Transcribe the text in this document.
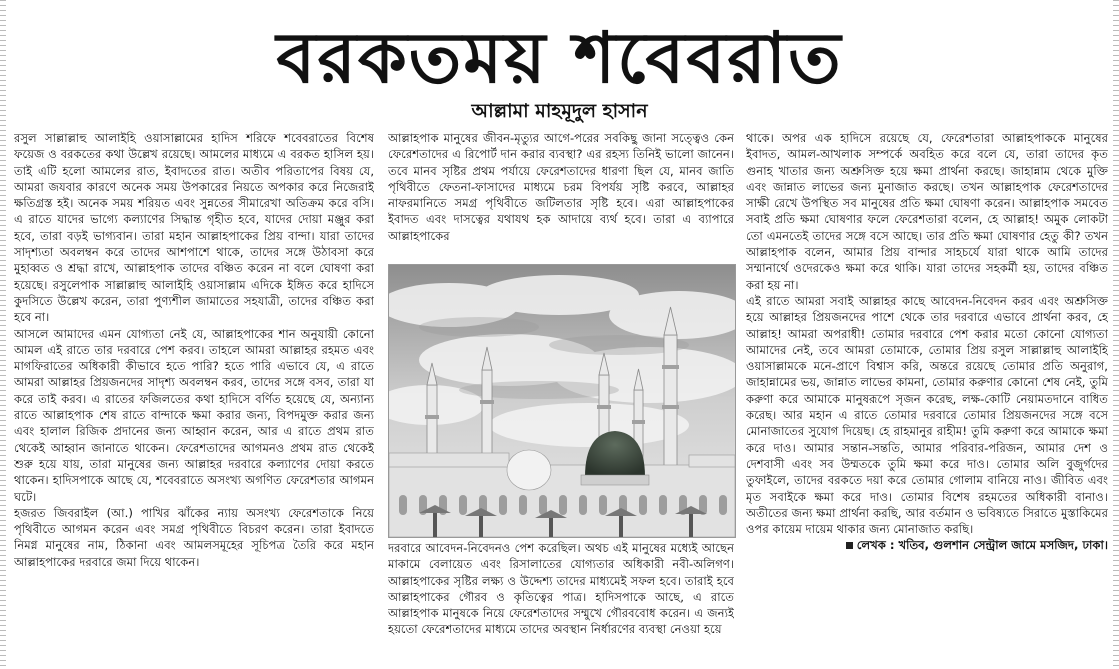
বরকতময় শবেবরাত
আল্লামা মাহমূদুল হাসান

রসুল সাল্লাল্লাহু আলাইহি ওয়াসাল্লামের হাদিস শরিফে শবেবরাতের বিশেষ ফয়েজ ও বরকতের কথা উল্লেখ রয়েছে। আমলের মাধ্যমে এ বরকত হাসিল হয়। তাই এটি হলো আমলের রাত, ইবাদতের রাত। অতীব পরিতাপের বিষয় যে, আমরা জযবার কারণে অনেক সময় উপকারের নিয়তে অপকার করে নিজেরাই ক্ষতিগ্রস্ত হই। অনেক সময় শরিয়ত এবং সুন্নতের সীমারেখা অতিক্রম করে বসি। এ রাতে যাদের ভাগ্যে কল্যাণের সিদ্ধান্ত গৃহীত হবে, যাদের দোয়া মঞ্জুর করা হবে, তারা বড়ই ভাগ্যবান। তারা মহান আল্লাহপাকের প্রিয় বান্দা। যারা তাদের সাদৃশ্যতা অবলম্বন করে তাদের আশপাশে থাকে, তাদের সঙ্গে উঠাবসা করে মুহাব্বত ও শ্রদ্ধা রাখে, আল্লাহপাক তাদের বঞ্চিত করেন না বলে ঘোষণা করা হয়েছে। রসুলেপাক সাল্লাল্লাহু আলাইহি ওয়াসাল্লাম এদিকে ইঙ্গিত করে হাদিসে কুদসিতে উল্লেখ করেন, তারা পুণ্যশীল জামাতের সহযাত্রী, তাদের বঞ্চিত করা হবে না।

আসলে আমাদের এমন যোগ্যতা নেই যে, আল্লাহপাকের শান অনুযায়ী কোনো আমল এই রাতে তার দরবারে পেশ করব। তাহলে আমরা আল্লাহর রহমত এবং মাগফিরাতের অধিকারী কীভাবে হতে পারি? হতে পারি এভাবে যে, এ রাতে আমরা আল্লাহর প্রিয়জনদের সাদৃশ্য অবলম্বন করব, তাদের সঙ্গে বসব, তারা যা করে তাই করব। এ রাতের ফজিলতের কথা হাদিসে বর্ণিত হয়েছে যে, অন্যান্য রাতে আল্লাহপাক শেষ রাতে বান্দাকে ক্ষমা করার জন্য, বিপদমুক্ত করার জন্য এবং হালাল রিজিক প্রদানের জন্য আহ্বান করেন, আর এ রাতে প্রথম রাত থেকেই আহ্বান জানাতে থাকেন। ফেরেশতাদের আগমনও প্রথম রাত থেকেই শুরু হয়ে যায়, তারা মানুষের জন্য আল্লাহর দরবারে কল্যাণের দোয়া করতে থাকেন। হাদিসপাকে আছে যে, শবেবরাতে অসংখ্য অগণিত ফেরেশতার আগমন ঘটে।

হজরত জিবরাইল (আ.) পাখির ঝাঁকের ন্যায় অসংখ্য ফেরেশতাকে নিয়ে পৃথিবীতে আগমন করেন এবং সমগ্র পৃথিবীতে বিচরণ করেন। তারা ইবাদতে নিমগ্ন মানুষের নাম, ঠিকানা এবং আমলসমূহের সূচিপত্র তৈরি করে মহান আল্লাহপাকের দরবারে জমা দিয়ে থাকেন।

আল্লাহপাক মানুষের জীবন-মৃত্যুর আগে-পরের সবকিছু জানা সত্ত্বেও কেন ফেরেশতাদের এ রিপোর্ট দান করার ব্যবস্থা? এর রহস্য তিনিই ভালো জানেন। তবে মানব সৃষ্টির প্রথম পর্যায়ে ফেরেশতাদের ধারণা ছিল যে, মানব জাতি পৃথিবীতে ফেতনা-ফাসাদের মাধ্যমে চরম বিপর্যয় সৃষ্টি করবে, আল্লাহর নাফরমানিতে সমগ্র পৃথিবীতে জটিলতার সৃষ্টি হবে। এরা আল্লাহপাকের ইবাদত এবং দাসত্বের যথাযথ হক আদায়ে ব্যর্থ হবে। তারা এ ব্যাপারে আল্লাহপাকের

দরবারে আবেদন-নিবেদনও পেশ করেছিল। অথচ এই মানুষের মধ্যেই আছেন মাকামে বেলায়েত এবং রিসালাতের যোগ্যতার অধিকারী নবী-অলিগণ। আল্লাহপাকের সৃষ্টির লক্ষ্য ও উদ্দেশ্য তাদের মাধ্যমেই সফল হবে। তারাই হবে আল্লাহপাকের গৌরব ও কৃতিত্বের পাত্র। হাদিসপাকে আছে, এ রাতে আল্লাহপাক মানুষকে নিয়ে ফেরেশতাদের সম্মুখে গৌরববোধ করেন। এ জন্যই হয়তো ফেরেশতাদের মাধ্যমে তাদের অবস্থান নির্ধারণের ব্যবস্থা নেওয়া হয়ে

থাকে। অপর এক হাদিসে রয়েছে যে, ফেরেশতারা আল্লাহপাককে মানুষের ইবাদত, আমল-আখলাক সম্পর্কে অবহিত করে বলে যে, তারা তাদের কৃত গুনাহ খাতার জন্য অশ্রুসিক্ত হয়ে ক্ষমা প্রার্থনা করছে। জাহান্নাম থেকে মুক্তি এবং জান্নাত লাভের জন্য মুনাজাত করছে। তখন আল্লাহপাক ফেরেশতাদের সাক্ষী রেখে উপস্থিত সব মানুষের প্রতি ক্ষমা ঘোষণা করেন। আল্লাহপাক সমবেত সবাই প্রতি ক্ষমা ঘোষণার ফলে ফেরেশতারা বলেন, হে আল্লাহ! অমুক লোকটা তো এমনতেই তাদের সঙ্গে বসে আছে। তার প্রতি ক্ষমা ঘোষণার হেতু কী? তখন আল্লাহপাক বলেন, আমার প্রিয় বান্দার সাহচর্যে যারা থাকে আমি তাদের সম্মানার্থে ওদেরকেও ক্ষমা করে থাকি। যারা তাদের সহকর্মী হয়, তাদের বঞ্চিত করা হয় না।

এই রাতে আমরা সবাই আল্লাহর কাছে আবেদন-নিবেদন করব এবং অশ্রুসিক্ত হয়ে আল্লাহর প্রিয়জনদের পাশে থেকে তার দরবারে এভাবে প্রার্থনা করব, হে আল্লাহ! আমরা অপরাধী! তোমার দরবারে পেশ করার মতো কোনো যোগ্যতা আমাদের নেই, তবে আমরা তোমাকে, তোমার প্রিয় রসুল সাল্লাল্লাহু আলাইহি ওয়াসাল্লামকে মনে-প্রাণে বিশ্বাস করি, অন্তরে রয়েছে তোমার প্রতি অনুরাগ, জাহান্নামের ভয়, জান্নাত লাভের কামনা, তোমার করুণার কোনো শেষ নেই, তুমি করুণা করে আমাকে মানুষরূপে সৃজন করেছ, লক্ষ-কোটি নেয়ামতদানে বাধিত করেছ। আর মহান এ রাতে তোমার দরবারে তোমার প্রিয়জনদের সঙ্গে বসে মোনাজাতের সুযোগ দিয়েছ। হে রাহমানুর রাহীম! তুমি করুণা করে আমাকে ক্ষমা করে দাও। আমার সন্তান-সন্ততি, আমার পরিবার-পরিজন, আমার দেশ ও দেশবাসী এবং সব উম্মতকে তুমি ক্ষমা করে দাও। তোমার অলি বুজুর্গদের তুফাইলে, তাদের বরকতে দয়া করে তোমার গোলাম বানিয়ে নাও। জীবিত এবং মৃত সবাইকে ক্ষমা করে দাও। তোমার বিশেষ রহমতের অধিকারী বানাও। অতীতের জন্য ক্ষমা প্রার্থনা করছি, আর বর্তমান ও ভবিষ্যতে সিরাতে মুস্তাকিমের ওপর কায়েম দায়েম থাকার জন্য মোনাজাত করছি।

লেখক : খতিব, গুলশান সেন্ট্রাল জামে মসজিদ, ঢাকা।
